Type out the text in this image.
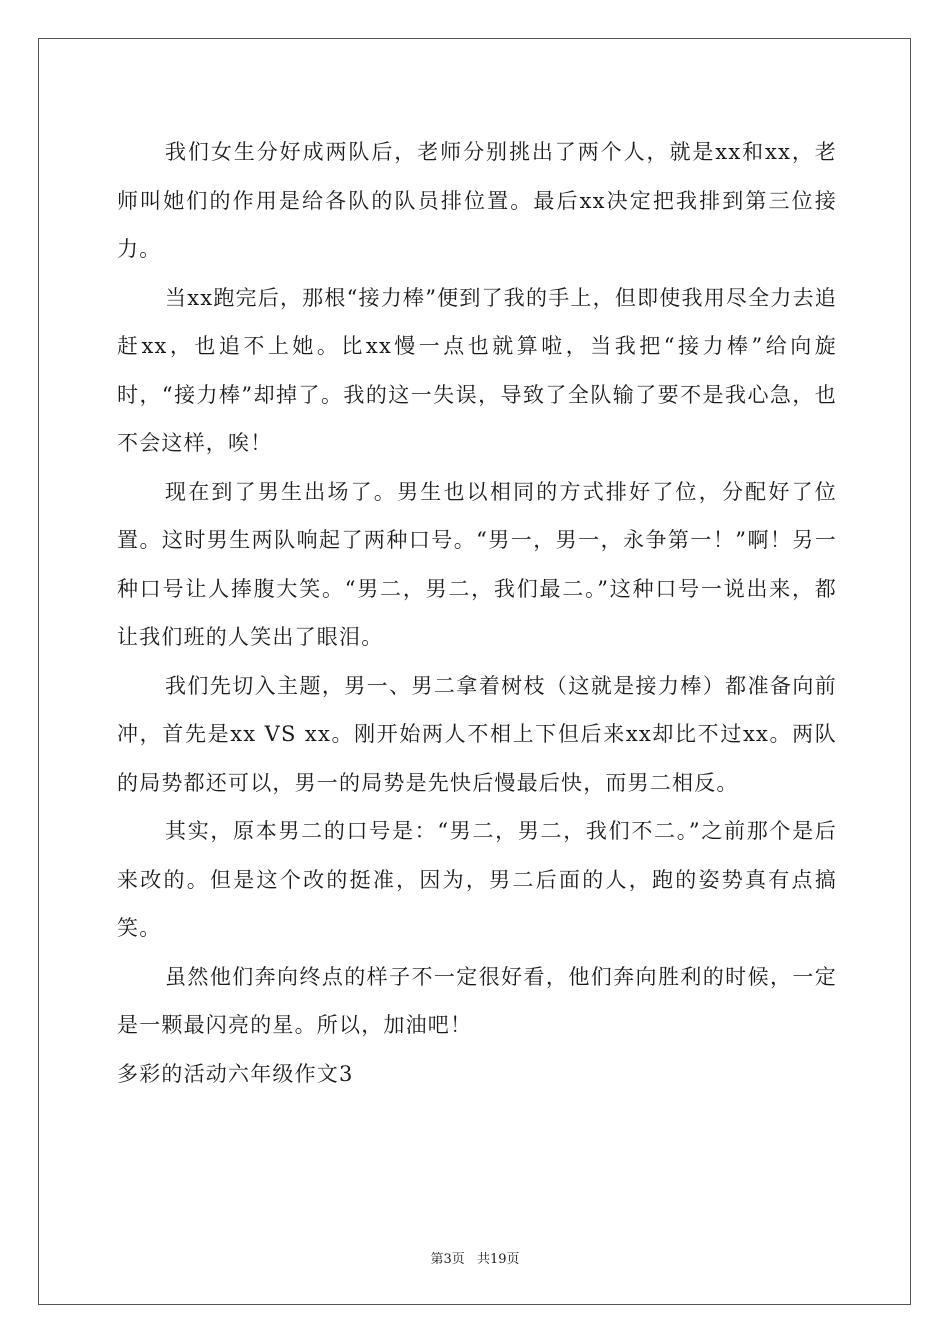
我们女生分好成两队后，老师分别挑出了两个人，就是xx和xx，老师叫她们的作用是给各队的队员排位置。最后xx决定把我排到第三位接力。

当xx跑完后，那根“接力棒”便到了我的手上，但即使我用尽全力去追赶xx，也追不上她。比xx慢一点也就算啦，当我把“接力棒”给向旋时，“接力棒”却掉了。我的这一失误，导致了全队输了要不是我心急，也不会这样，唉！

现在到了男生出场了。男生也以相同的方式排好了位，分配好了位置。这时男生两队响起了两种口号。“男一，男一，永争第一！”啊！另一种口号让人捧腹大笑。“男二，男二，我们最二。”这种口号一说出来，都让我们班的人笑出了眼泪。

我们先切入主题，男一、男二拿着树枝（这就是接力棒）都准备向前冲，首先是xx VS xx。刚开始两人不相上下但后来xx却比不过xx。两队的局势都还可以，男一的局势是先快后慢最后快，而男二相反。

其实，原本男二的口号是：“男二，男二，我们不二。”之前那个是后来改的。但是这个改的挺准，因为，男二后面的人，跑的姿势真有点搞笑。

虽然他们奔向终点的样子不一定很好看，他们奔向胜利的时候，一定是一颗最闪亮的星。所以，加油吧！

多彩的活动六年级作文3

第3页 共19页
